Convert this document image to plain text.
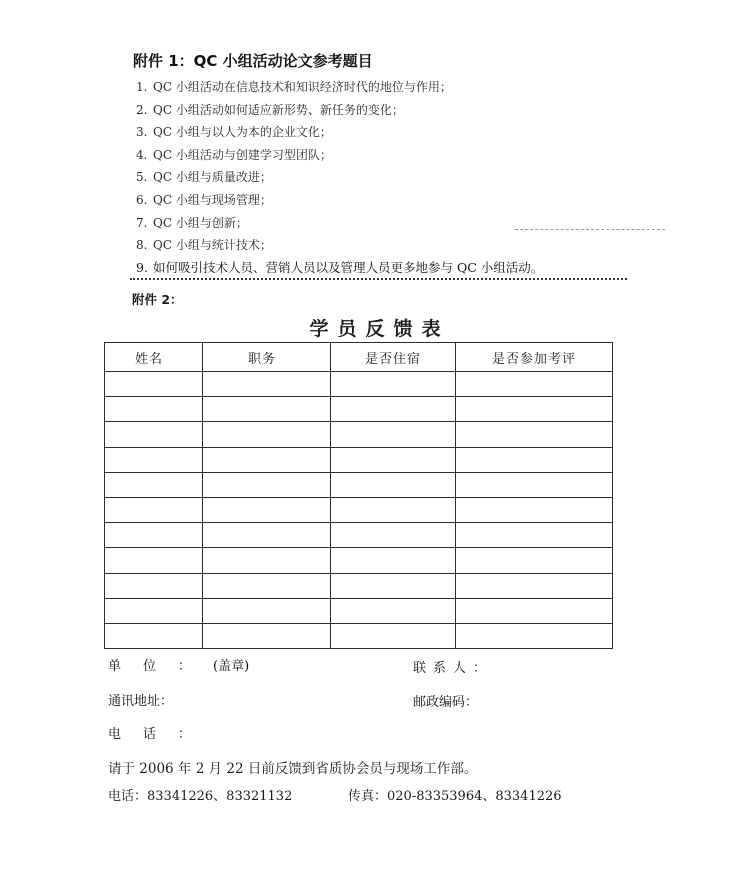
附件 1：QC 小组活动论文参考题目
1. QC 小组活动在信息技术和知识经济时代的地位与作用；
2. QC 小组活动如何适应新形势、新任务的变化；
3. QC 小组与以人为本的企业文化；
4. QC 小组活动与创建学习型团队；
5. QC 小组与质量改进；
6. QC 小组与现场管理；
7. QC 小组与创新；
8. QC 小组与统计技术；
9. 如何吸引技术人员、营销人员以及管理人员更多地参与 QC 小组活动。
附件 2：
学员反馈表
姓名	职务	是否住宿	是否参加考评

单位：(盖章)	联系人：
通讯地址：	邮政编码：
电话：
请于 2006 年 2 月 22 日前反馈到省质协会员与现场工作部。
电话：83341226、83321132	传真：020-83353964、83341226
